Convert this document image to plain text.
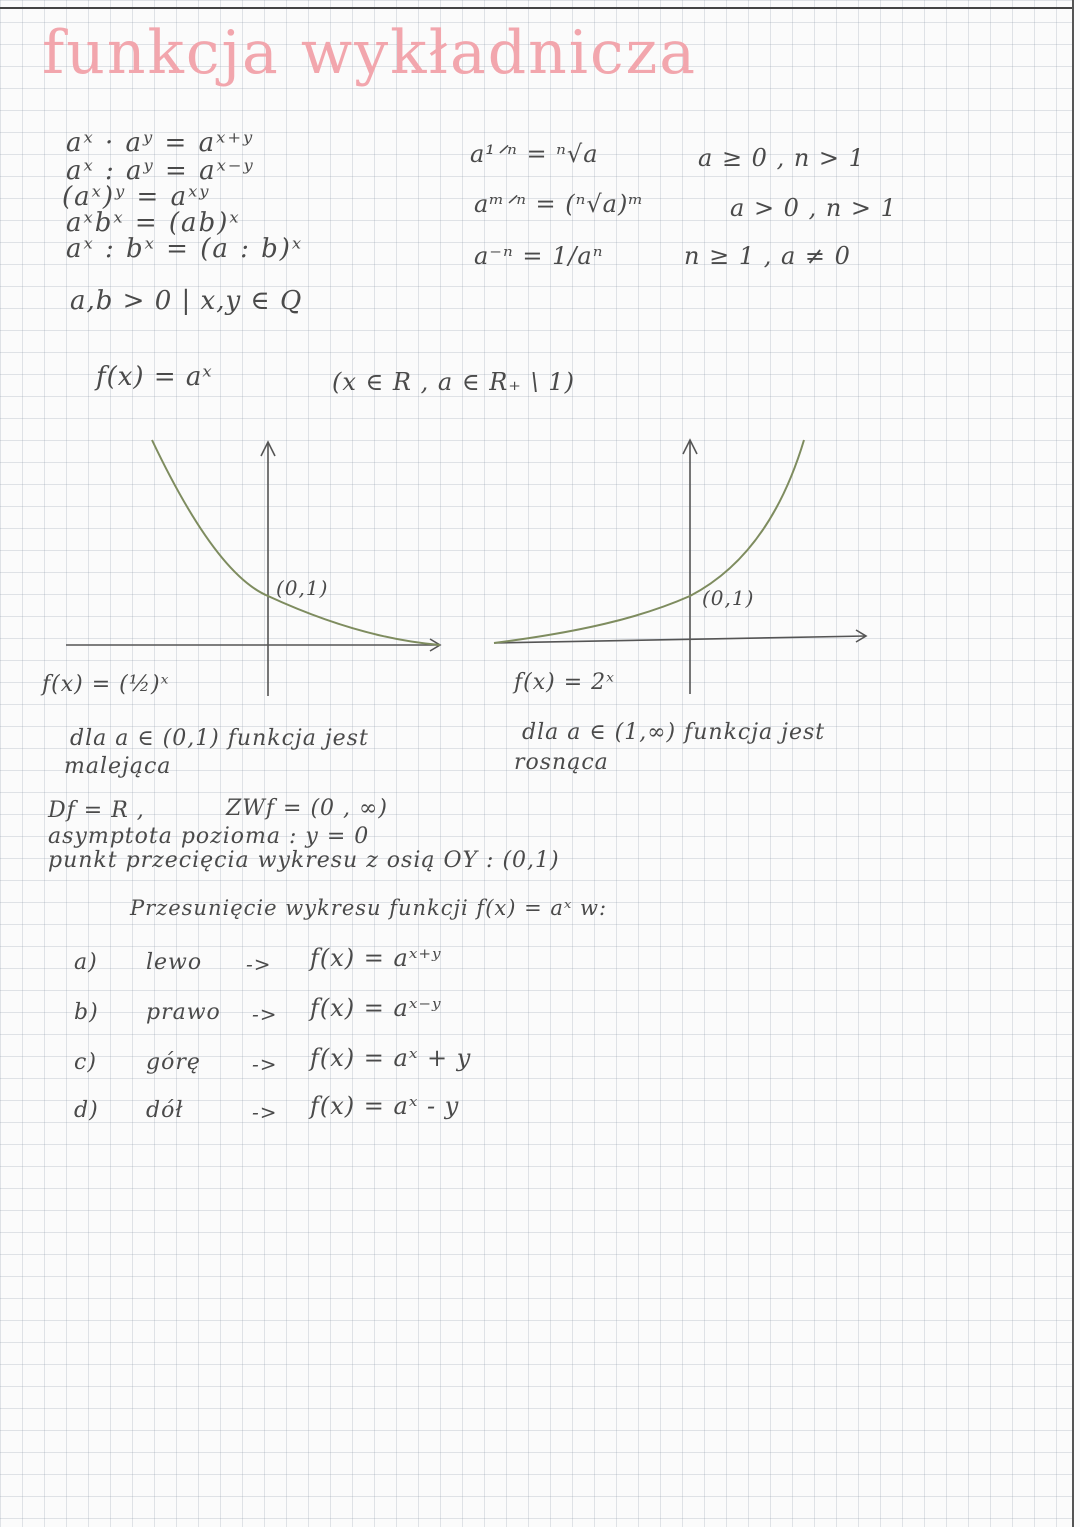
funkcja wykładnicza
aˣ · aʸ = aˣ⁺ʸ
aˣ : aʸ = aˣ⁻ʸ
(aˣ)ʸ = aˣʸ
aˣbˣ = (ab)ˣ
aˣ : bˣ = (a : b)ˣ
a,b > 0 | x,y ∈ Q
a¹ᐟⁿ = ⁿ√a	a ≥ 0 , n > 1
aᵐᐟⁿ = (ⁿ√a)ᵐ	a > 0 , n > 1
a⁻ⁿ = 1/aⁿ	n ≥ 1 , a ≠ 0
f(x) = aˣ	(x ∈ R , a ∈ R₊ \ 1)
(0,1)	(0,1)
f(x) = (½)ˣ	f(x) = 2ˣ
dla a ∈ (0,1) funkcja jest
malejąca
dla a ∈ (1,∞) funkcja jest
rosnąca
Df = R ,	ZWf = (0 , ∞)
asymptota pozioma : y = 0
punkt przecięcia wykresu z osią OY : (0,1)
Przesunięcie wykresu funkcji f(x) = aˣ w:
a) lewo -> f(x) = aˣ⁺ʸ
b) prawo -> f(x) = aˣ⁻ʸ
c) górę	-> f(x) = aˣ + y
d) dół	-> f(x) = aˣ - y
